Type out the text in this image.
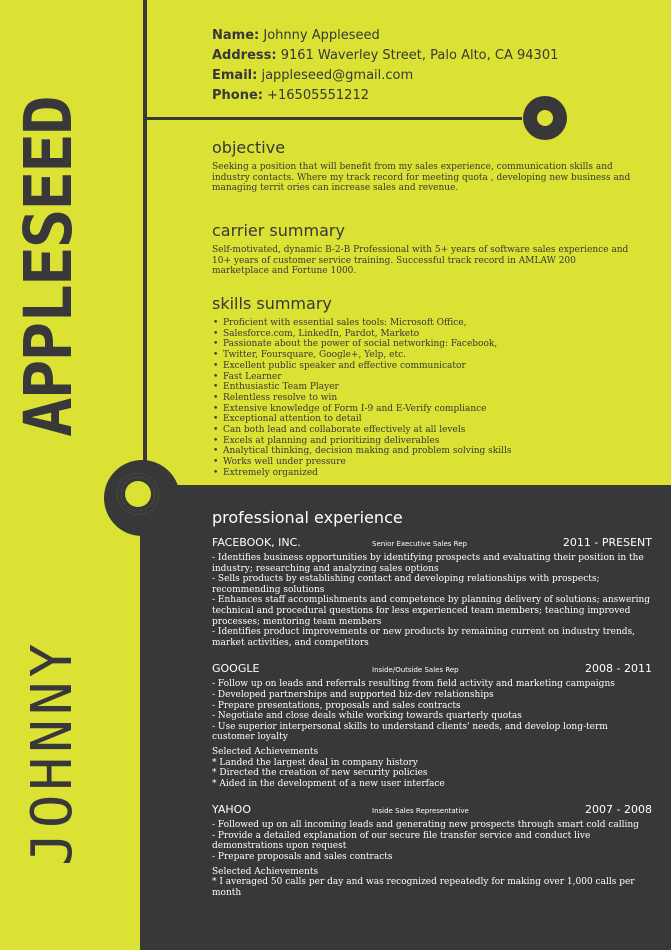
APPLESEED
JOHNNY
Name: Johnny Appleseed
Address: 9161 Waverley Street, Palo Alto, CA 94301
Email: jappleseed@gmail.com
Phone: +16505551212
objective

Seeking a position that will benefit from my sales experience, communication skills and industry contacts. Where my track record for meeting quota , developing new business and managing territ ories can increase sales and revenue.

carrier summary

Self-motivated, dynamic B-2-B Professional with 5+ years of software sales experience and 10+ years of customer service training. Successful track record in AMLAW 200 marketplace and Fortune 1000.

skills summary
• Proficient with essential sales tools: Microsoft Office,
• Salesforce.com, LinkedIn, Pardot, Marketo
• Passionate about the power of social networking: Facebook,
• Twitter, Foursquare, Google+, Yelp, etc.
• Excellent public speaker and effective communicator
• Fast Learner
• Enthusiastic Team Player
• Relentless resolve to win
• Extensive knowledge of Form I-9 and E-Verify compliance
• Exceptional attention to detail
• Can both lead and collaborate effectively at all levels
• Excels at planning and prioritizing deliverables
• Analytical thinking, decision making and problem solving skills
• Works well under pressure
• Extremely organized
professional experience
FACEBOOK, INC.	Senior Executive Sales Rep	2011 - PRESENT

- Identifies business opportunities by identifying prospects and evaluating their position in the industry; researching and analyzing sales options
- Sells products by establishing contact and developing relationships with prospects; recommending solutions
- Enhances staff accomplishments and competence by planning delivery of solutions; answering technical and procedural questions for less experienced team members; teaching improved processes; mentoring team members
- Identifies product improvements or new products by remaining current on industry trends, market activities, and competitors

GOOGLE	Inside/Outside Sales Rep	2008 - 2011

- Follow up on leads and referrals resulting from field activity and marketing campaigns
- Developed partnerships and supported biz-dev relationships
- Prepare presentations, proposals and sales contracts
- Negotiate and close deals while working towards quarterly quotas
- Use superior interpersonal skills to understand clients' needs, and develop long-term customer loyalty

Selected Achievements
* Landed the largest deal in company history
* Directed the creation of new security policies
* Aided in the development of a new user interface

YAHOO	Inside Sales Representative	2007 - 2008

- Followed up on all incoming leads and generating new prospects through smart cold calling
- Provide a detailed explanation of our secure file transfer service and conduct live demonstrations upon request
- Prepare proposals and sales contracts

Selected Achievements
* I averaged 50 calls per day and was recognized repeatedly for making over 1,000 calls per month
